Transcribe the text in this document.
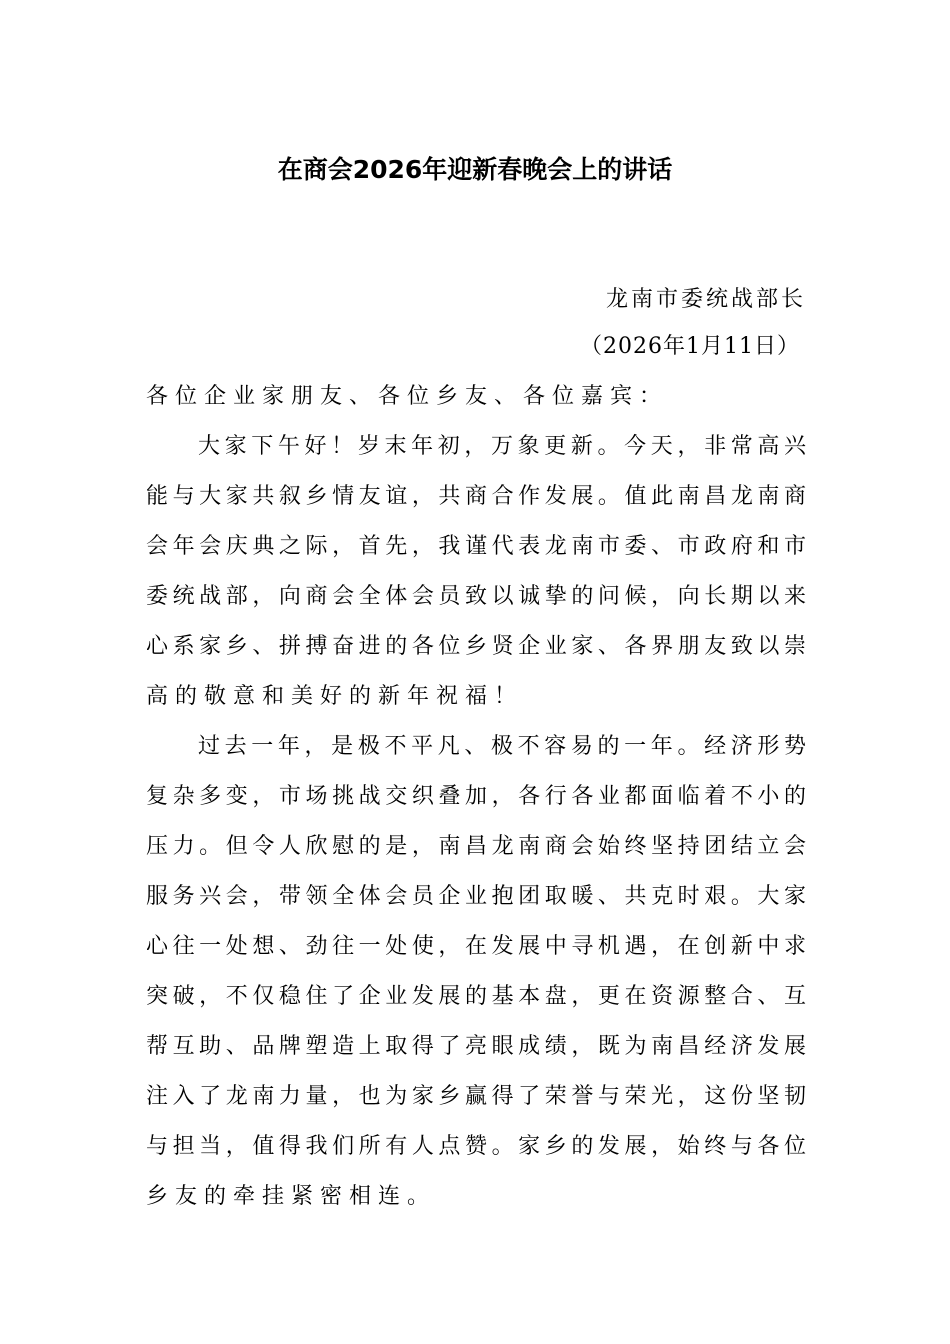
在商会2026年迎新春晚会上的讲话
龙南市委统战部长
（2026年1月11日）
各位企业家朋友、各位乡友、各位嘉宾：
大家下午好！岁末年初，万象更新。今天，非常高兴
能与大家共叙乡情友谊，共商合作发展。值此南昌龙南商
会年会庆典之际，首先，我谨代表龙南市委、市政府和市
委统战部，向商会全体会员致以诚挚的问候，向长期以来
心系家乡、拼搏奋进的各位乡贤企业家、各界朋友致以崇
高的敬意和美好的新年祝福！
过去一年，是极不平凡、极不容易的一年。经济形势
复杂多变，市场挑战交织叠加，各行各业都面临着不小的
压力。但令人欣慰的是，南昌龙南商会始终坚持团结立会
服务兴会，带领全体会员企业抱团取暖、共克时艰。大家
心往一处想、劲往一处使，在发展中寻机遇，在创新中求
突破，不仅稳住了企业发展的基本盘，更在资源整合、互
帮互助、品牌塑造上取得了亮眼成绩，既为南昌经济发展
注入了龙南力量，也为家乡赢得了荣誉与荣光，这份坚韧
与担当，值得我们所有人点赞。家乡的发展，始终与各位
乡友的牵挂紧密相连。
